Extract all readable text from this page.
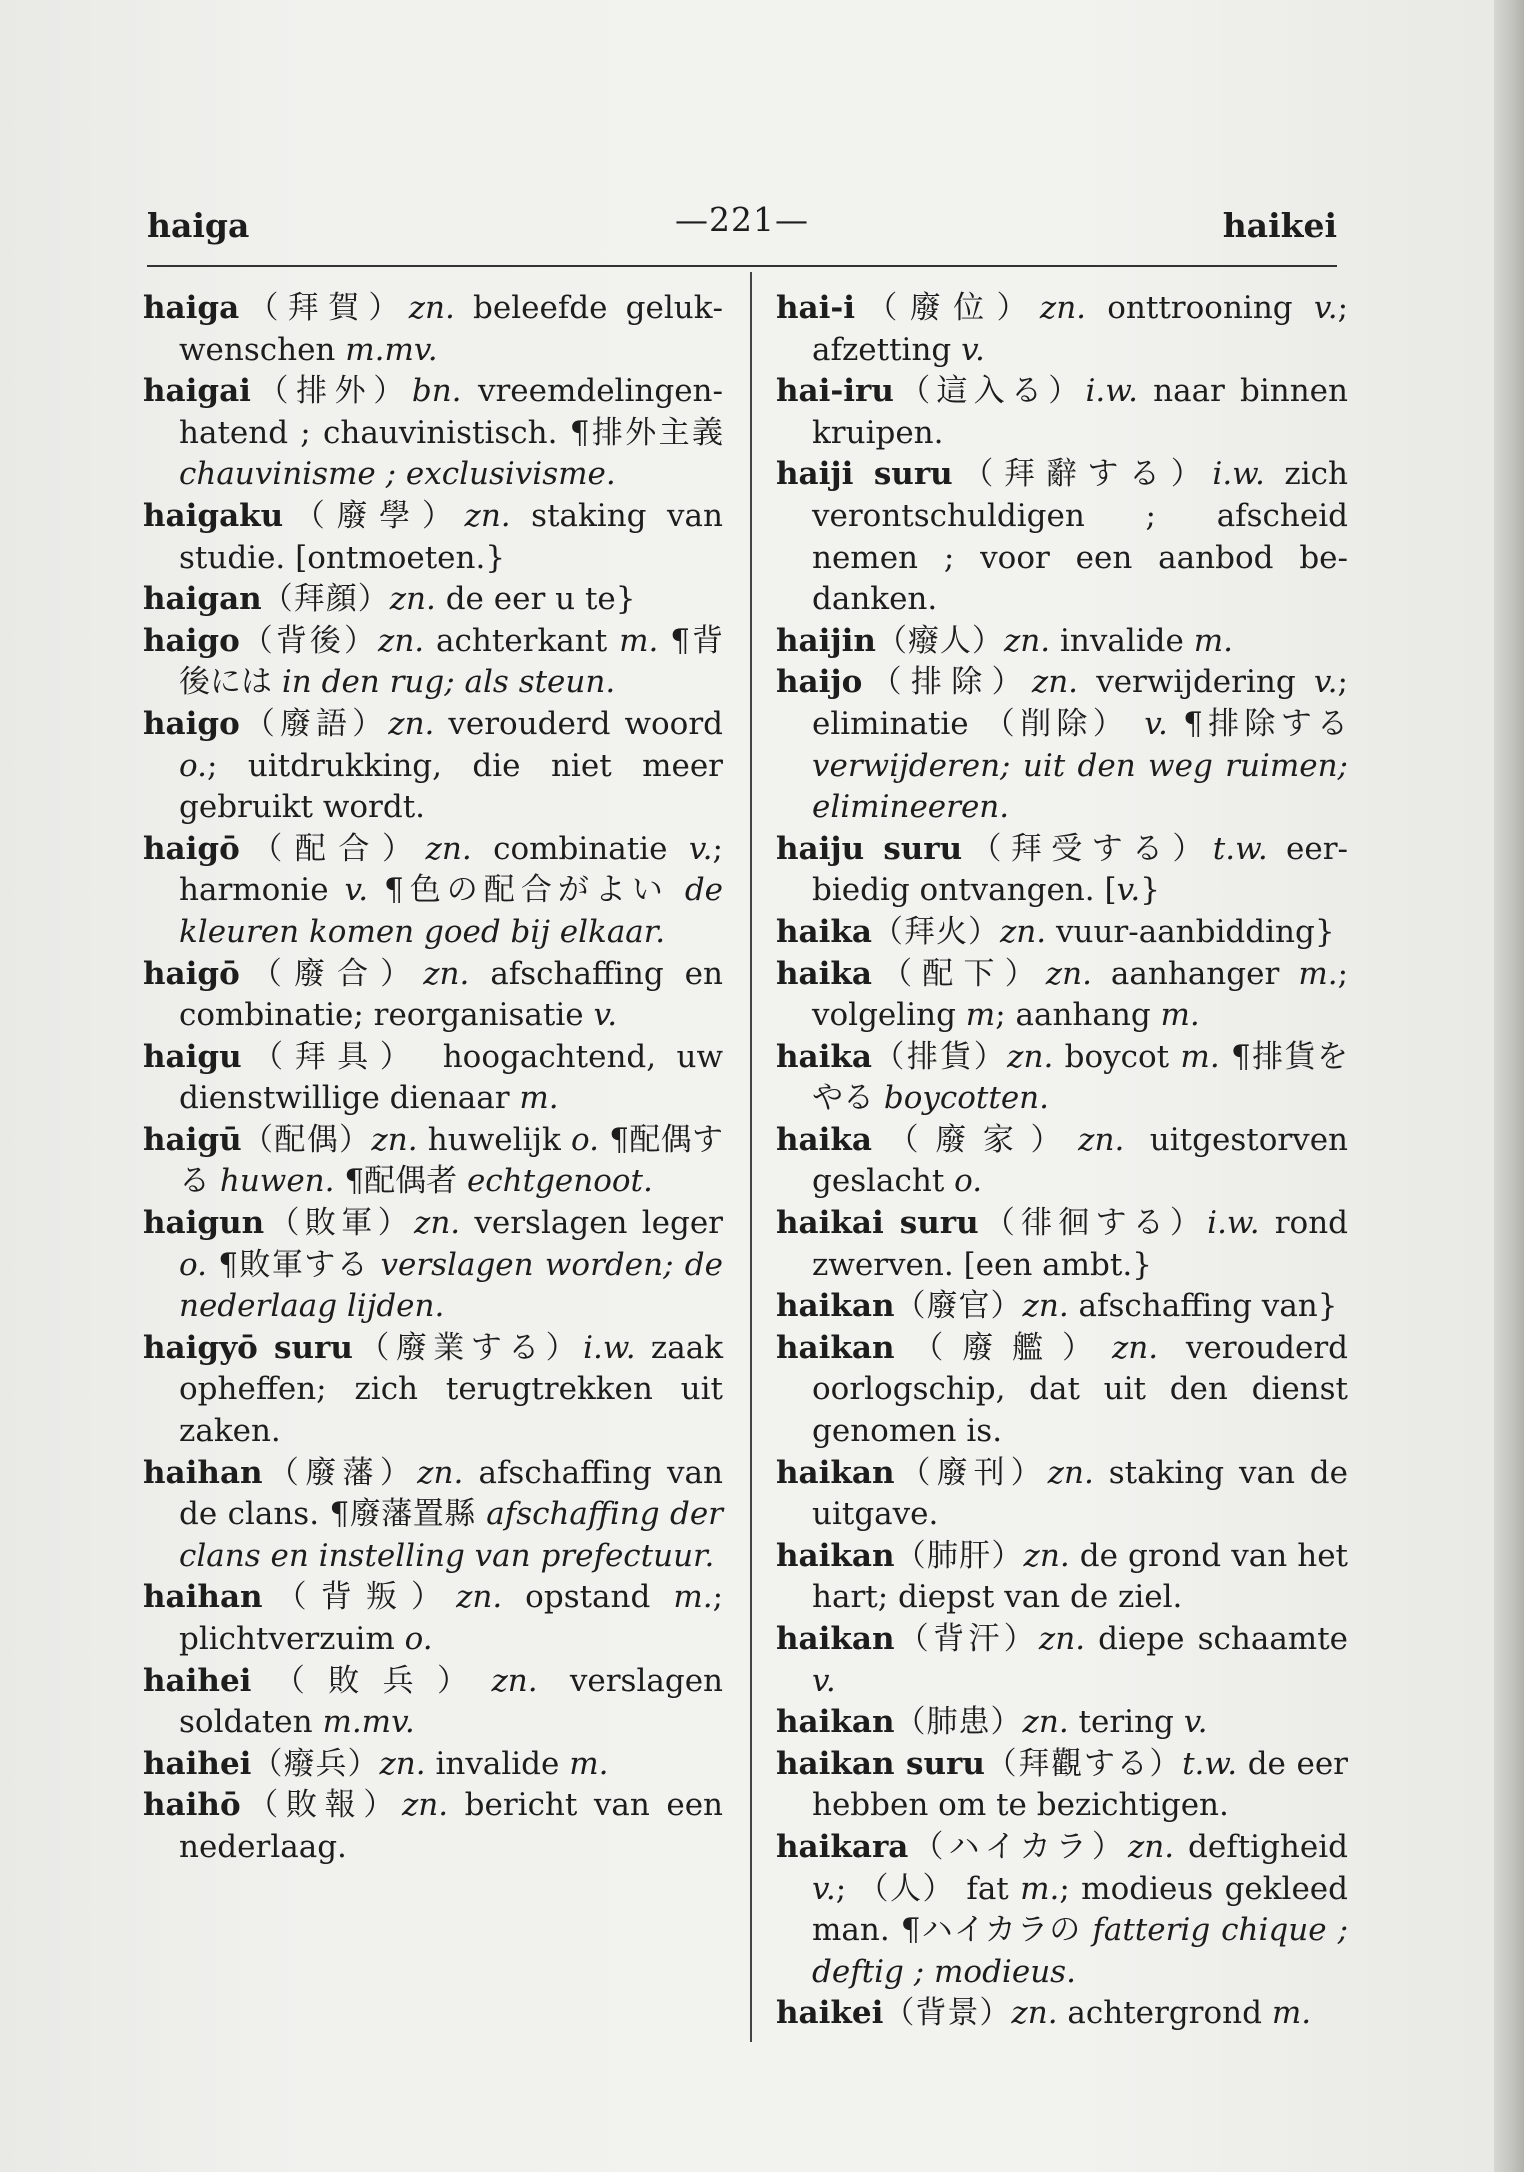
haiga	—221—	haikei

haiga（拜賀）zn. beleefde gelukwenschen m.mv.

haigai（排外）bn. vreemdelingenhatend ; chauvinistisch. ¶排外主義 chauvinisme ; exclusivisme.

haigaku（廢學）zn. staking van studie. [ontmoeten.}

haigan（拜顔）zn. de eer u te}

haigo（背後）zn. achterkant m. ¶背後には in den rug; als steun.

haigo（廢語）zn. verouderd woord o.; uitdrukking, die niet meer gebruikt wordt.

haigō（配合）zn. combinatie v.; harmonie v. ¶色の配合がよい de kleuren komen goed bij elkaar.

haigō（廢合）zn. afschaffing en combinatie; reorganisatie v.

haigu（拜具） hoogachtend, uw dienstwillige dienaar m.

haigū（配偶）zn. huwelijk o. ¶配偶する huwen. ¶配偶者 echtgenoot.

haigun（敗軍）zn. verslagen leger o. ¶敗軍する verslagen worden; de nederlaag lijden.

haigyō suru（廢業する）i.w. zaak opheffen; zich terugtrekken uit zaken.

haihan（廢藩）zn. afschaffing van de clans. ¶廢藩置縣 afschaffing der clans en instelling van prefectuur.

haihan（背叛）zn. opstand m.; plichtverzuim o.

haihei（敗兵）zn. verslagen soldaten m.mv.

haihei（癈兵）zn. invalide m.

haihō（敗報）zn. bericht van een nederlaag.

hai-i（廢位）zn. onttrooning v.; afzetting v.

hai-iru（這入る）i.w. naar binnen kruipen.

haiji suru（拜辭する）i.w. zich verontschuldigen ; afscheid nemen ; voor een aanbod bedanken.

haijin（癈人）zn. invalide m.

haijo（排除）zn. verwijdering v.; eliminatie （削除） v. ¶排除する verwijderen; uit den weg ruimen; elimineeren.

haiju suru（拜受する）t.w. eerbiedig ontvangen. [v.}

haika（拜火）zn. vuur-aanbidding}

haika（配下）zn. aanhanger m.; volgeling m; aanhang m.

haika（排貨）zn. boycot m. ¶排貨をやる boycotten.

haika（廢家）zn. uitgestorven geslacht o.

haikai suru（徘徊する）i.w. rond zwerven. [een ambt.}

haikan（廢官）zn. afschaffing van}

haikan（廢艦）zn. verouderd oorlogschip, dat uit den dienst genomen is.

haikan（廢刊）zn. staking van de uitgave.

haikan（肺肝）zn. de grond van het hart; diepst van de ziel.

haikan（背汗）zn. diepe schaamte v.

haikan（肺患）zn. tering v.

haikan suru（拜觀する）t.w. de eer hebben om te bezichtigen.

haikara（ハイカラ）zn. deftigheid v.; （人） fat m.; modieus gekleed man. ¶ハイカラの fatterig chique ; deftig ; modieus.

haikei（背景）zn. achtergrond m.
